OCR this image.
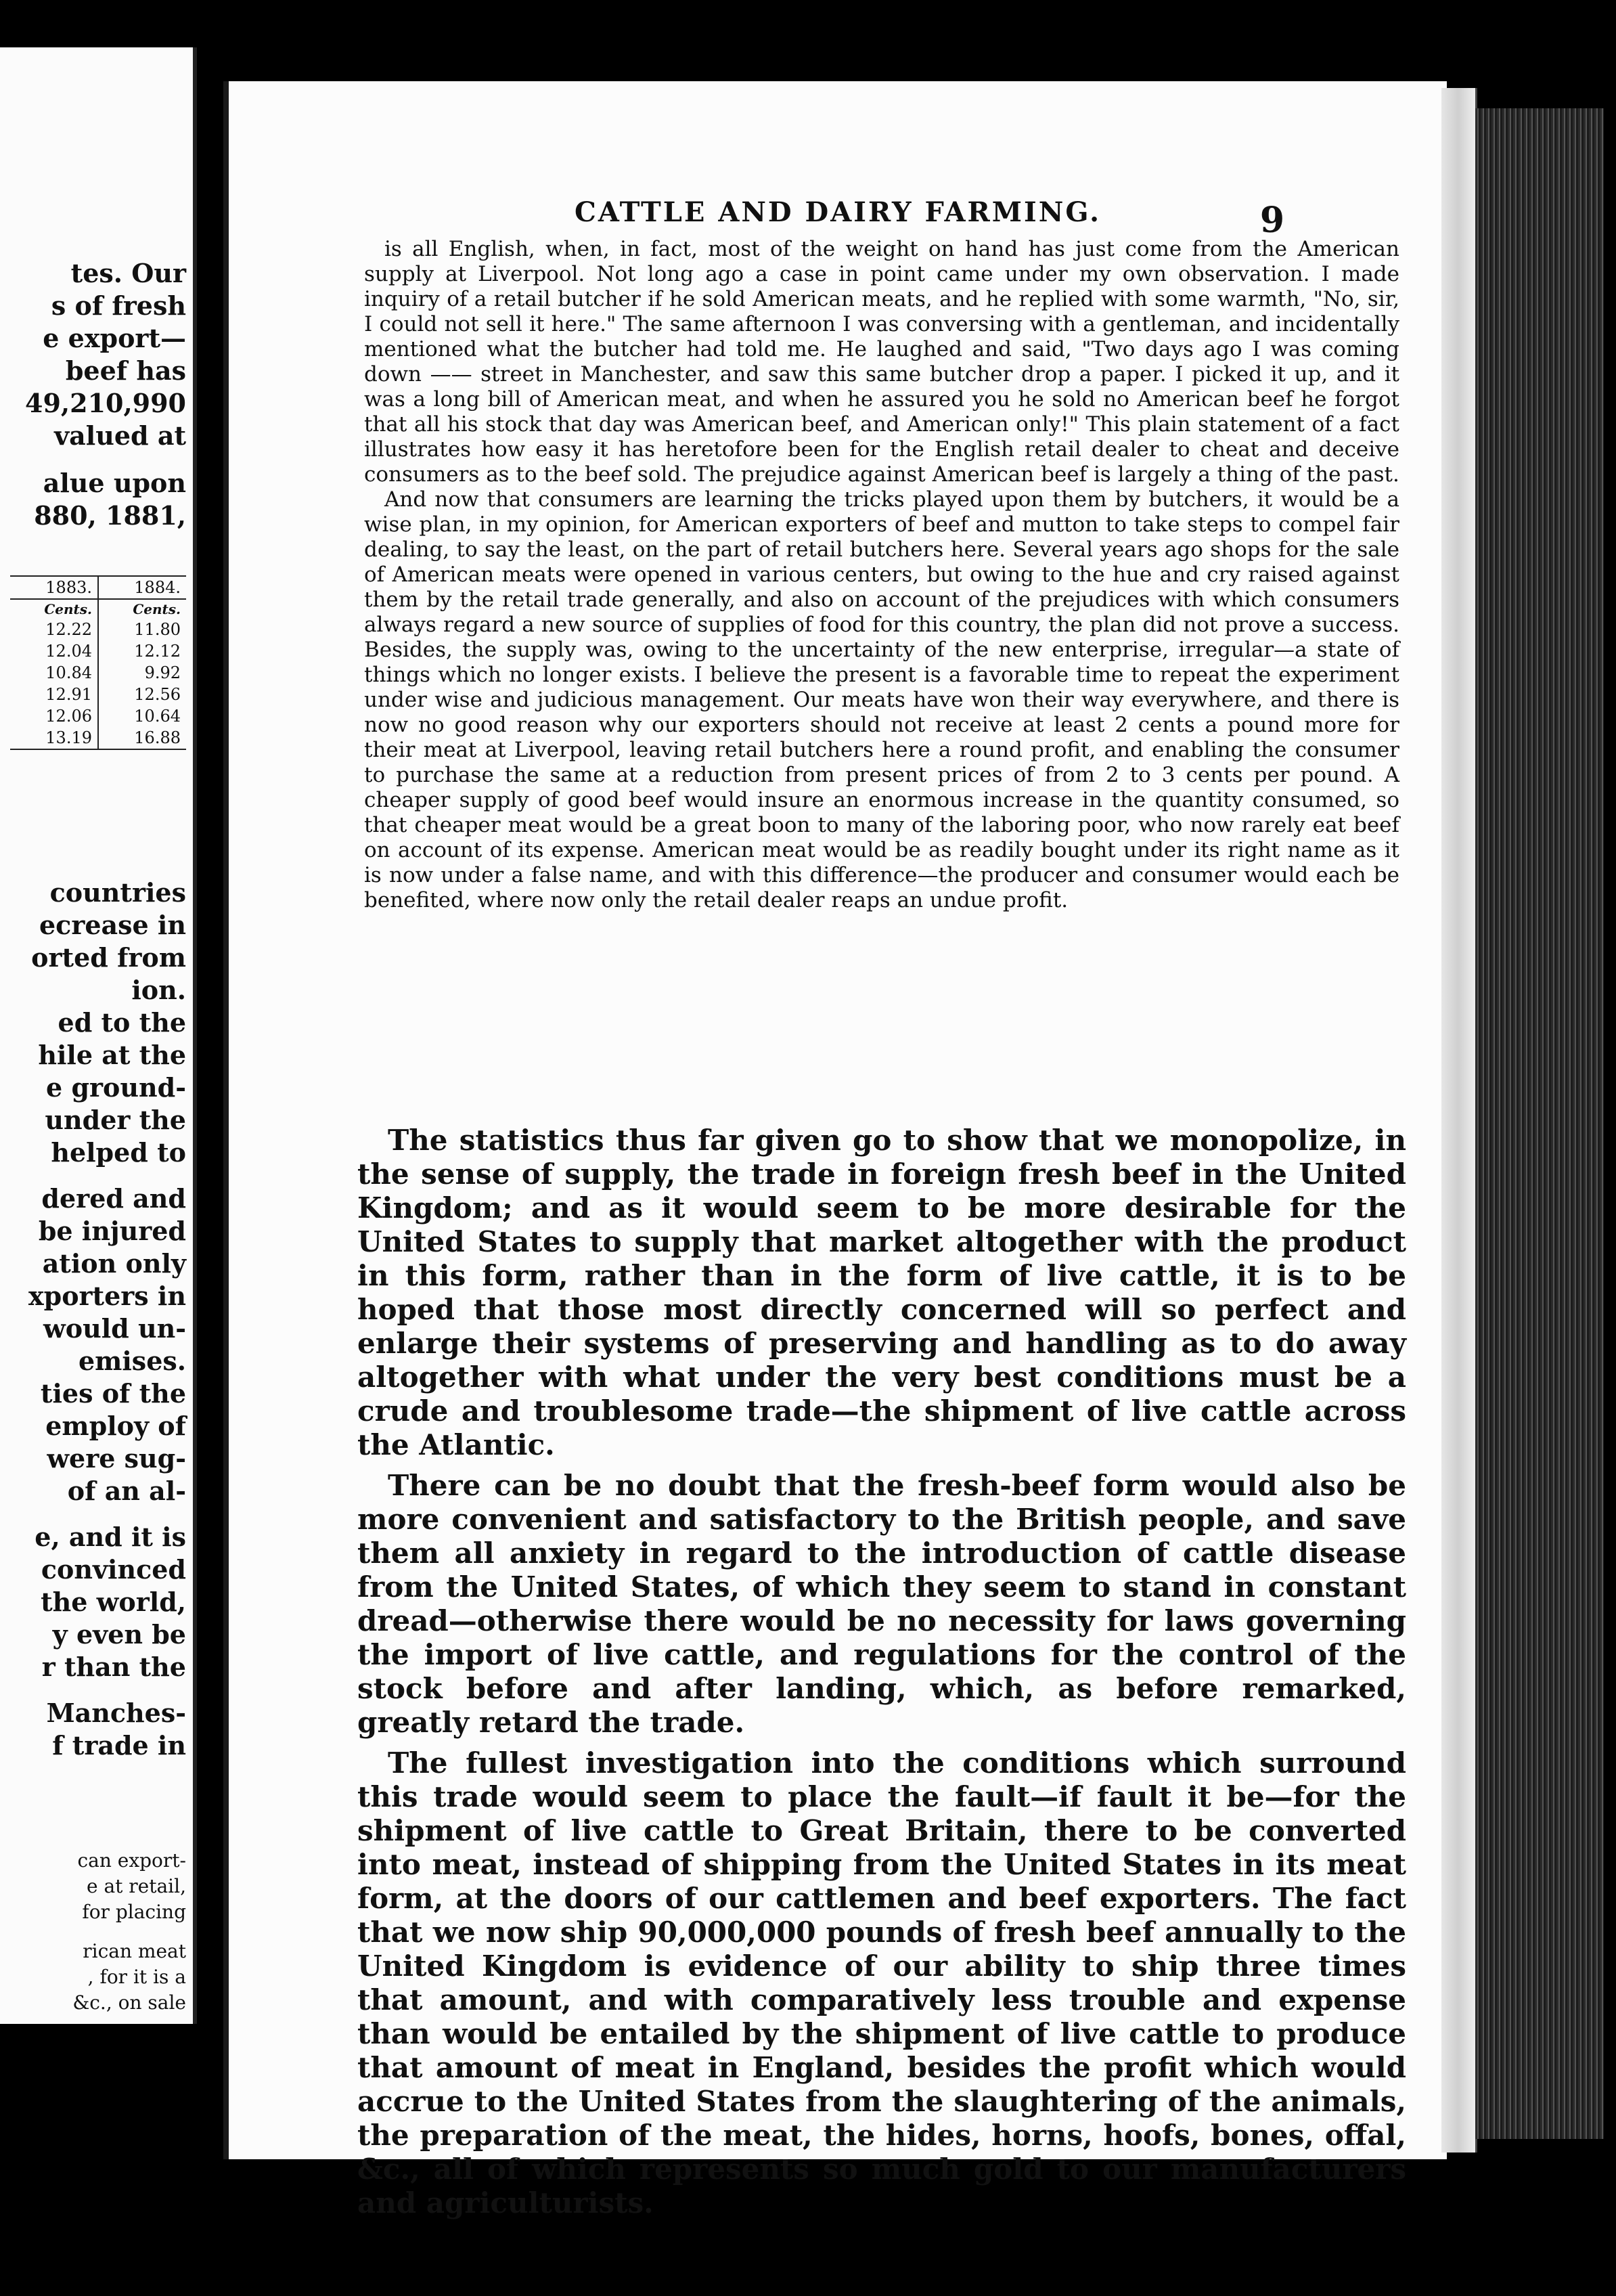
tes. Our
s of fresh
e export—
beef has
49,210,990
valued at
alue upon
880, 1881,
1883.	1884.
Cents.	Cents.
12.22	11.80
12.04	12.12
10.84	9.92
12.91	12.56
12.06	10.64
13.19	16.88
countries
ecrease in
orted from
ion.
ed to the
hile at the
e ground-
under the
helped to
dered and
be injured
ation only
xporters in
would un-
emises.
ties of the
employ of
were sug-
of an al-
e, and it is
convinced
the world,
y even be
r than the
Manches-
f trade in
can export-
e at retail,
for placing
rican meat
, for it is a
&c., on sale
CATTLE AND DAIRY FARMING.	9

is all English, when, in fact, most of the weight on hand has just come from the American supply at Liverpool. Not long ago a case in point came under my own observation. I made inquiry of a retail butcher if he sold American meats, and he replied with some warmth, "No, sir, I could not sell it here." The same afternoon I was conversing with a gentleman, and incidentally mentioned what the butcher had told me. He laughed and said, "Two days ago I was coming down —— street in Manchester, and saw this same butcher drop a paper. I picked it up, and it was a long bill of American meat, and when he assured you he sold no American beef he forgot that all his stock that day was American beef, and American only!" This plain statement of a fact illustrates how easy it has heretofore been for the English retail dealer to cheat and deceive consumers as to the beef sold. The prejudice against American beef is largely a thing of the past.

And now that consumers are learning the tricks played upon them by butchers, it would be a wise plan, in my opinion, for American exporters of beef and mutton to take steps to compel fair dealing, to say the least, on the part of retail butchers here. Several years ago shops for the sale of American meats were opened in various centers, but owing to the hue and cry raised against them by the retail trade generally, and also on account of the prejudices with which consumers always regard a new source of supplies of food for this country, the plan did not prove a success. Besides, the supply was, owing to the uncertainty of the new enterprise, irregular—a state of things which no longer exists. I believe the present is a favorable time to repeat the experiment under wise and judicious management. Our meats have won their way everywhere, and there is now no good reason why our exporters should not receive at least 2 cents a pound more for their meat at Liverpool, leaving retail butchers here a round profit, and enabling the consumer to purchase the same at a reduction from present prices of from 2 to 3 cents per pound. A cheaper supply of good beef would insure an enormous increase in the quantity consumed, so that cheaper meat would be a great boon to many of the laboring poor, who now rarely eat beef on account of its expense. American meat would be as readily bought under its right name as it is now under a false name, and with this difference—the producer and consumer would each be benefited, where now only the retail dealer reaps an undue profit.

The statistics thus far given go to show that we monopolize, in the sense of supply, the trade in foreign fresh beef in the United Kingdom; and as it would seem to be more desirable for the United States to supply that market altogether with the product in this form, rather than in the form of live cattle, it is to be hoped that those most directly concerned will so perfect and enlarge their systems of preserving and handling as to do away altogether with what under the very best conditions must be a crude and troublesome trade—the shipment of live cattle across the Atlantic.

There can be no doubt that the fresh-beef form would also be more convenient and satisfactory to the British people, and save them all anxiety in regard to the introduction of cattle disease from the United States, of which they seem to stand in constant dread—otherwise there would be no necessity for laws governing the import of live cattle, and regulations for the control of the stock before and after landing, which, as before remarked, greatly retard the trade.

The fullest investigation into the conditions which surround this trade would seem to place the fault—if fault it be—for the shipment of live cattle to Great Britain, there to be converted into meat, instead of shipping from the United States in its meat form, at the doors of our cattlemen and beef exporters. The fact that we now ship 90,000,000 pounds of fresh beef annually to the United Kingdom is evidence of our ability to ship three times that amount, and with comparatively less trouble and expense than would be entailed by the shipment of live cattle to produce that amount of meat in England, besides the profit which would accrue to the United States from the slaughtering of the animals, the preparation of the meat, the hides, horns, hoofs, bones, offal, &c., all of which represents so much gold to our manufacturers and agriculturists.
